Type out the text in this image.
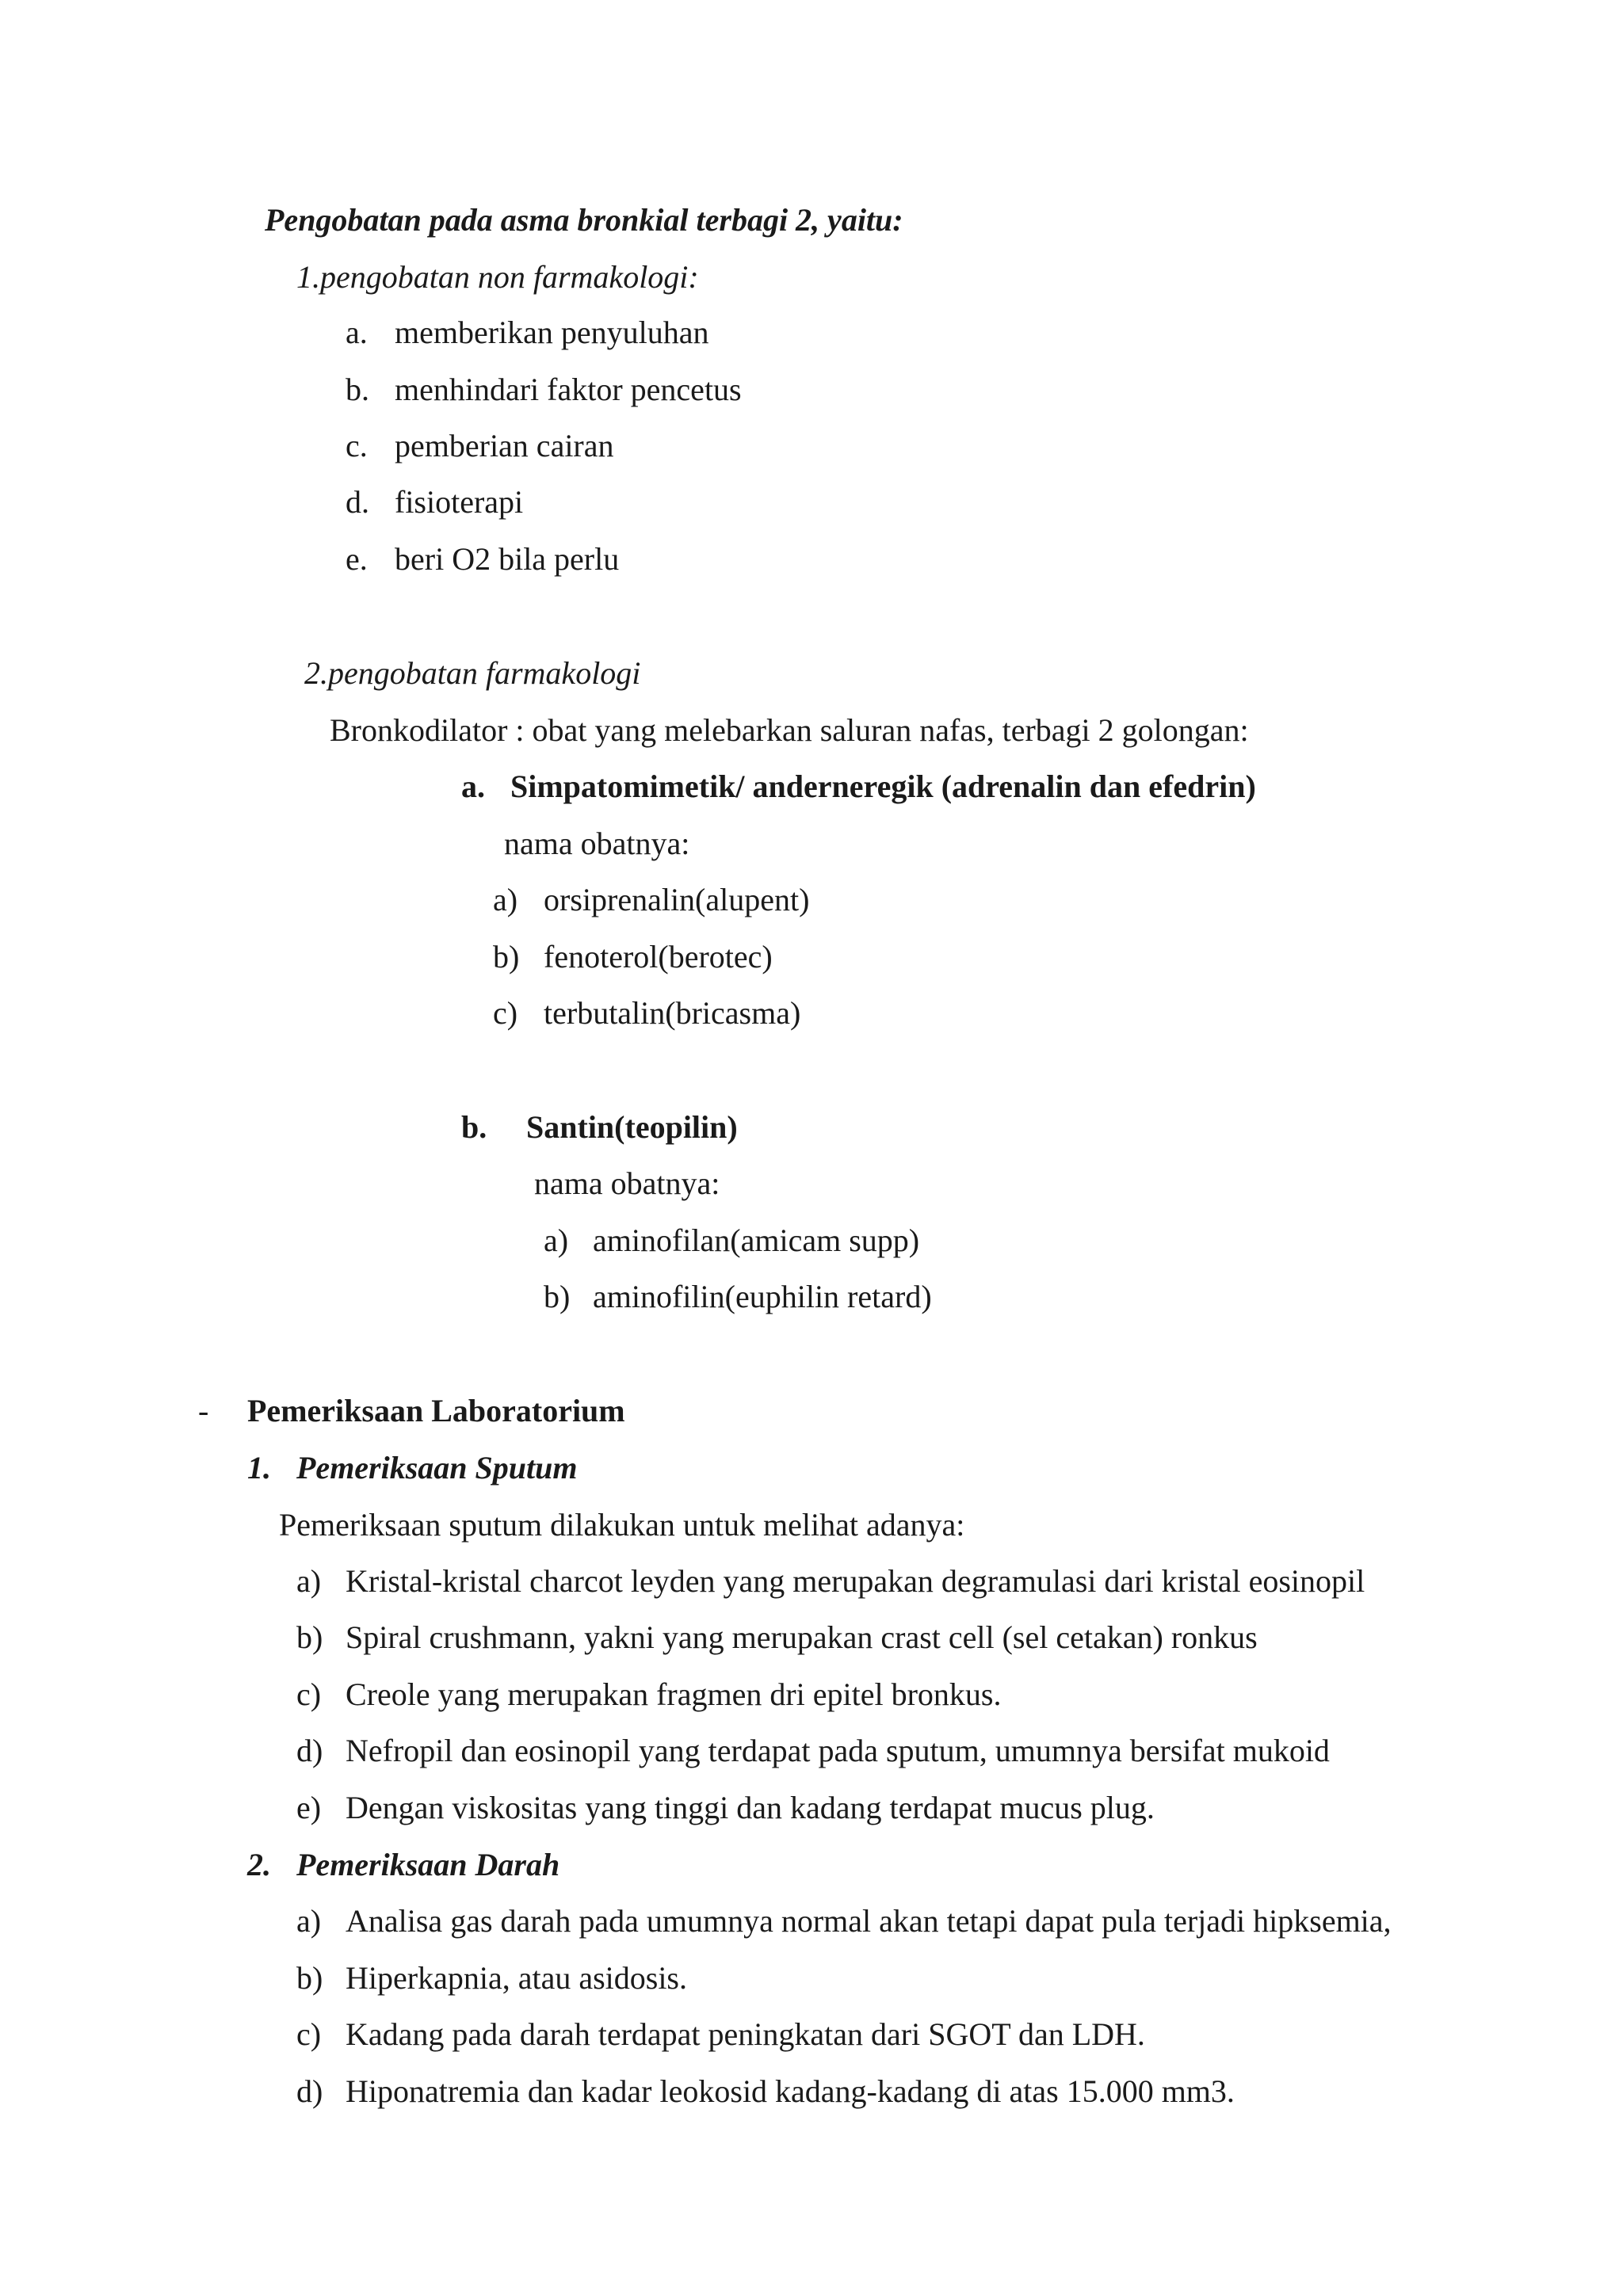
Pengobatan pada asma bronkial terbagi 2, yaitu:
1.pengobatan non farmakologi:
a. memberikan penyuluhan
b. menhindari faktor pencetus
c. pemberian cairan
d. fisioterapi
e. beri O2 bila perlu
2.pengobatan farmakologi
Bronkodilator : obat yang melebarkan saluran nafas, terbagi 2 golongan:
a. Simpatomimetik/ anderneregik (adrenalin dan efedrin)
nama obatnya:
a) orsiprenalin(alupent)
b) fenoterol(berotec)
c) terbutalin(bricasma)
b. Santin(teopilin)
nama obatnya:
a) aminofilan(amicam supp)
b) aminofilin(euphilin retard)
- Pemeriksaan Laboratorium
1. Pemeriksaan Sputum
Pemeriksaan sputum dilakukan untuk melihat adanya:
a) Kristal-kristal charcot leyden yang merupakan degramulasi dari kristal eosinopil
b) Spiral crushmann, yakni yang merupakan crast cell (sel cetakan) ronkus
c) Creole yang merupakan fragmen dri epitel bronkus.
d) Nefropil dan eosinopil yang terdapat pada sputum, umumnya bersifat mukoid
e) Dengan viskositas yang tinggi dan kadang terdapat mucus plug.
2. Pemeriksaan Darah
a) Analisa gas darah pada umumnya normal akan tetapi dapat pula terjadi hipksemia,
b) Hiperkapnia, atau asidosis.
c) Kadang pada darah terdapat peningkatan dari SGOT dan LDH.
d) Hiponatremia dan kadar leokosid kadang-kadang di atas 15.000 mm3.
